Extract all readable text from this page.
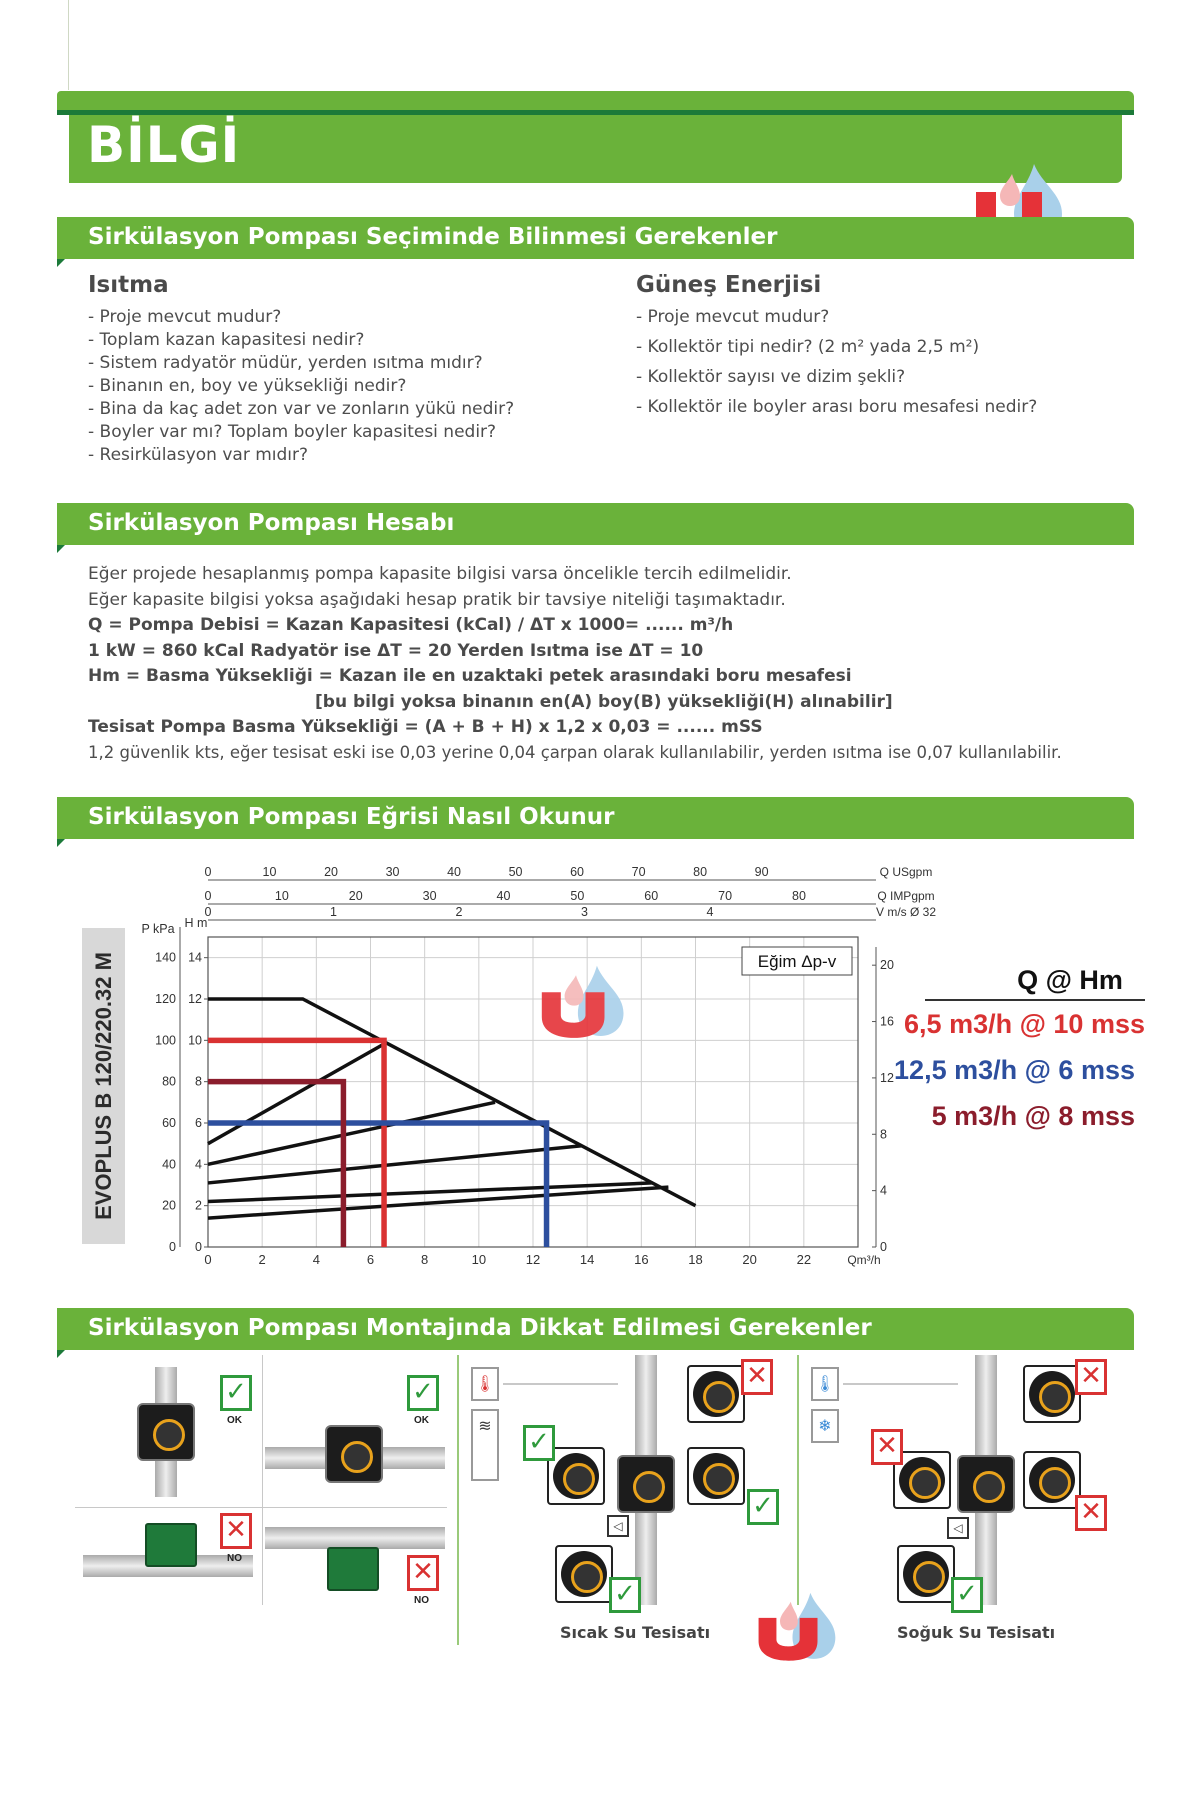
BİLGİ
Sirkülasyon Pompası Seçiminde Bilinmesi Gerekenler
Isıtma
- Proje mevcut mudur?
- Toplam kazan kapasitesi nedir?
- Sistem radyatör müdür, yerden ısıtma mıdır?
- Binanın en, boy ve yüksekliği nedir?
- Bina da kaç adet zon var ve zonların yükü nedir?
- Boyler var mı? Toplam boyler kapasitesi nedir?
- Resirkülasyon var mıdır?
Güneş Enerjisi
- Proje mevcut mudur?
- Kollektör tipi nedir? (2 m² yada 2,5 m²)
- Kollektör sayısı ve dizim şekli?
- Kollektör ile boyler arası boru mesafesi nedir?
Sirkülasyon Pompası Hesabı
Eğer projede hesaplanmış pompa kapasite bilgisi varsa öncelikle tercih edilmelidir.
Eğer kapasite bilgisi yoksa aşağıdaki hesap pratik bir tavsiye niteliği taşımaktadır.
Q = Pompa Debisi = Kazan Kapasitesi (kCal) / ΔT x 1000= ...... m³/h
1 kW = 860 kCal Radyatör ise ΔT = 20 Yerden Isıtma ise ΔT = 10
Hm = Basma Yüksekliği = Kazan ile en uzaktaki petek arasındaki boru mesafesi
[bu bilgi yoksa binanın en(A) boy(B) yüksekliği(H) alınabilir]
Tesisat Pompa Basma Yüksekliği = (A + B + H) x 1,2 x 0,03 = ...... mSS
1,2 güvenlik kts, eğer tesisat eski ise 0,03 yerine 0,04 çarpan olarak kullanılabilir, yerden ısıtma ise 0,07 kullanılabilir.
Sirkülasyon Pompası Eğrisi Nasıl Okunur
EVOPLUS B 120/220.32 M
0	2	4	6	8	10	12	14	16	18	20	22	Qm³/h
0
2
4
6
8
10
12
14
H m
0
20
40
60
80
100
120
140
P kPa
0
4
8
12
16
20
0	10	20	30	40	50	60	70	80	90	Q USgpm
0	10	20	30	40	50	60	70	80	Q IMPgpm
0	1	2	3	4	V m/s Ø 32
Eğim Δp-v
Q @ Hm
6,5 m3/h @ 10 mss
12,5 m3/h @ 6 mss
5 m3/h @ 8 mss
Sirkülasyon Pompası Montajında Dikkat Edilmesi Gerekenler
✓
OK
✓
OK
✕
NO	✕
NO
🌡
≋
◁
✕
✓
✓
✓
Sıcak Su Tesisatı
🌡
❄
◁
✕
✕
✕
✓
Soğuk Su Tesisatı
